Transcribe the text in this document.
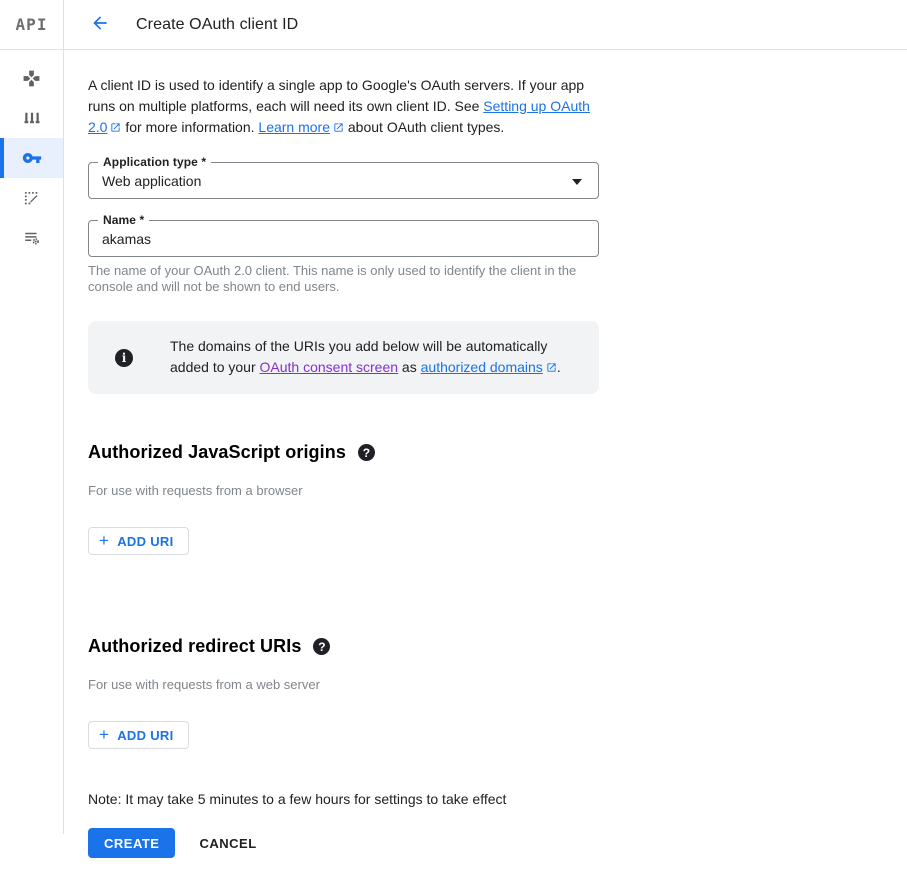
API	Create OAuth client ID

A client ID is used to identify a single app to Google's OAuth servers. If your app runs on multiple platforms, each will need its own client ID. See Setting up OAuth 2.0 for more information. Learn more about OAuth client types.

Application type *
Web application
Name *
akamas

The name of your OAuth 2.0 client. This name is only used to identify the client in the console and will not be shown to end users.

i
The domains of the URIs you add below will be automatically added to your OAuth consent screen as authorized domains .
Authorized JavaScript origins	?

For use with requests from a browser

+ ADD URI
Authorized redirect URIs	?

For use with requests from a web server

+ ADD URI

Note: It may take 5 minutes to a few hours for settings to take effect

CREATE	CANCEL
